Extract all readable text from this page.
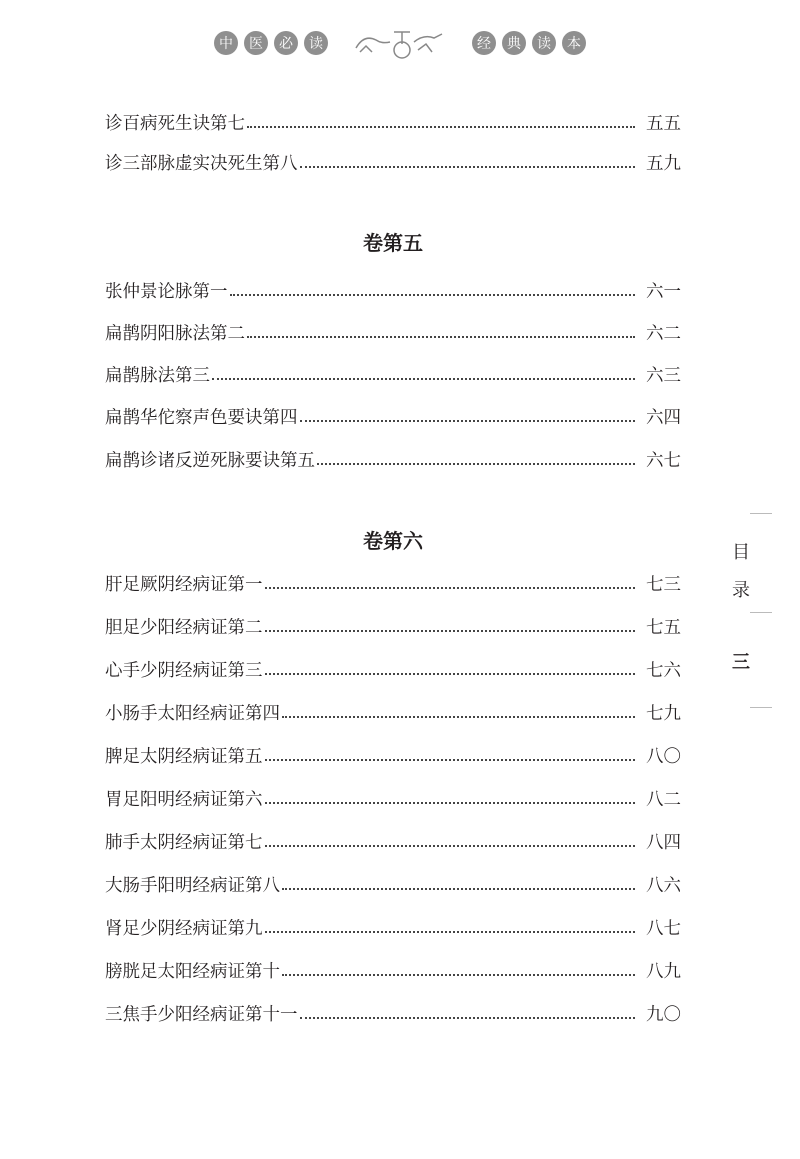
中	医	必	读	经	典	读	本
诊百病死生诀第七	五五
诊三部脉虚实决死生第八	五九
卷第五
张仲景论脉第一	六一
扁鹊阴阳脉法第二	六二
扁鹊脉法第三	六三
扁鹊华佗察声色要诀第四	六四
扁鹊诊诸反逆死脉要诀第五	六七
卷第六
肝足厥阴经病证第一	七三
胆足少阳经病证第二	七五
心手少阴经病证第三	七六
小肠手太阳经病证第四	七九
脾足太阴经病证第五	八〇
胃足阳明经病证第六	八二
肺手太阴经病证第七	八四
大肠手阳明经病证第八	八六
肾足少阴经病证第九	八七
膀胱足太阳经病证第十	八九
三焦手少阳经病证第十一	九〇
目
录
三
